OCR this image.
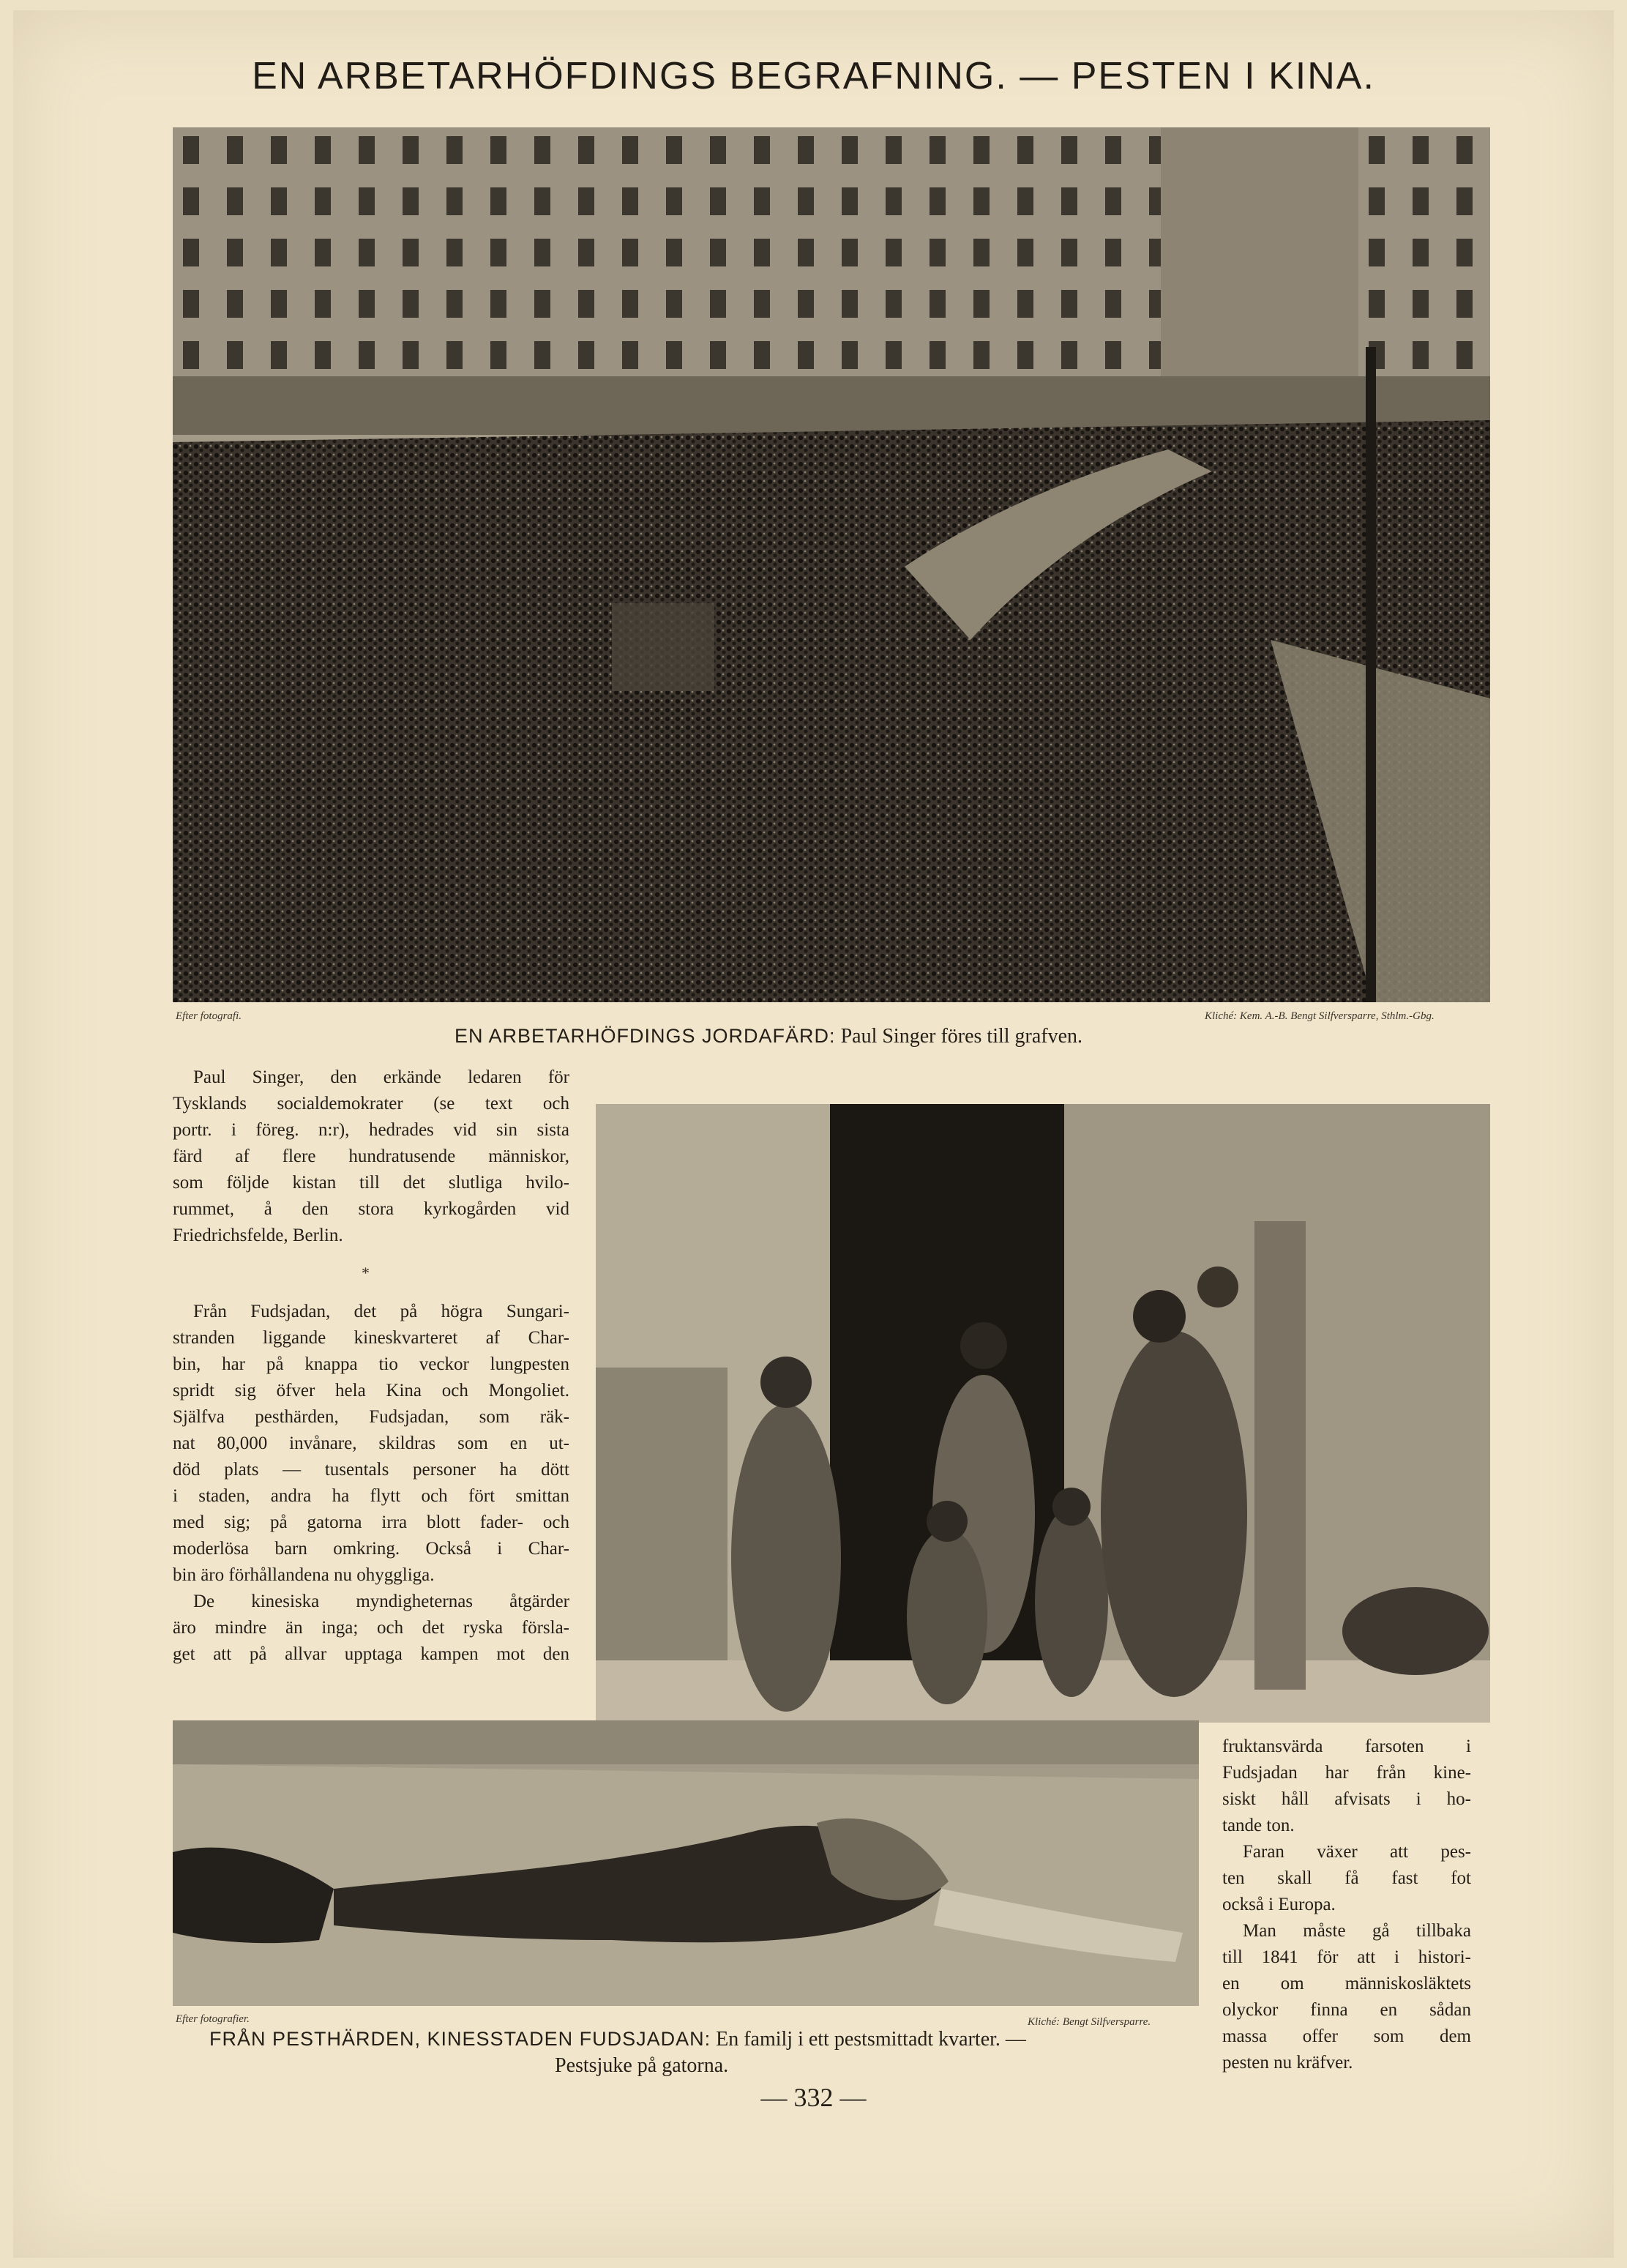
EN ARBETARHÖFDINGS BEGRAFNING. — PESTEN I KINA.
Efter fotografi.	Kliché: Kem. A.-B. Bengt Silfversparre, Sthlm.-Gbg.
EN ARBETARHÖFDINGS JORDAFÄRD: Paul Singer föres till grafven.
Paul Singer, den erkände ledaren för
Tysklands socialdemokrater (se text och
portr. i föreg. n:r), hedrades vid sin sista
färd af flere hundratusende människor,
som följde kistan till det slutliga hvilo-
rummet, å den stora kyrkogården vid
Friedrichsfelde, Berlin.
*
Från Fudsjadan, det på högra Sungari-
stranden liggande kineskvarteret af Char-
bin, har på knappa tio veckor lungpesten
spridt sig öfver hela Kina och Mongoliet.
Själfva pesthärden, Fudsjadan, som räk-
nat 80,000 invånare, skildras som en ut-
död plats — tusentals personer ha dött
i staden, andra ha flytt och fört smittan
med sig; på gatorna irra blott fader- och
moderlösa barn omkring. Också i Char-
bin äro förhållandena nu ohyggliga.
De kinesiska myndigheternas åtgärder
äro mindre än inga; och det ryska försla-
get att på allvar upptaga kampen mot den
Efter fotografier.	Kliché: Bengt Silfversparre.
fruktansvärda farsoten i
Fudsjadan har från kine-
siskt håll afvisats i ho-
tande ton.
Faran växer att pes-
ten skall få fast fot
också i Europa.
Man måste gå tillbaka
till 1841 för att i histori-
en om människosläktets
olyckor finna en sådan
massa offer som dem
pesten nu kräfver.
FRÅN PESTHÄRDEN, KINESSTADEN FUDSJADAN: En familj i ett pestsmittadt kvarter. —
Pestsjuke på gatorna.
— 332 —
